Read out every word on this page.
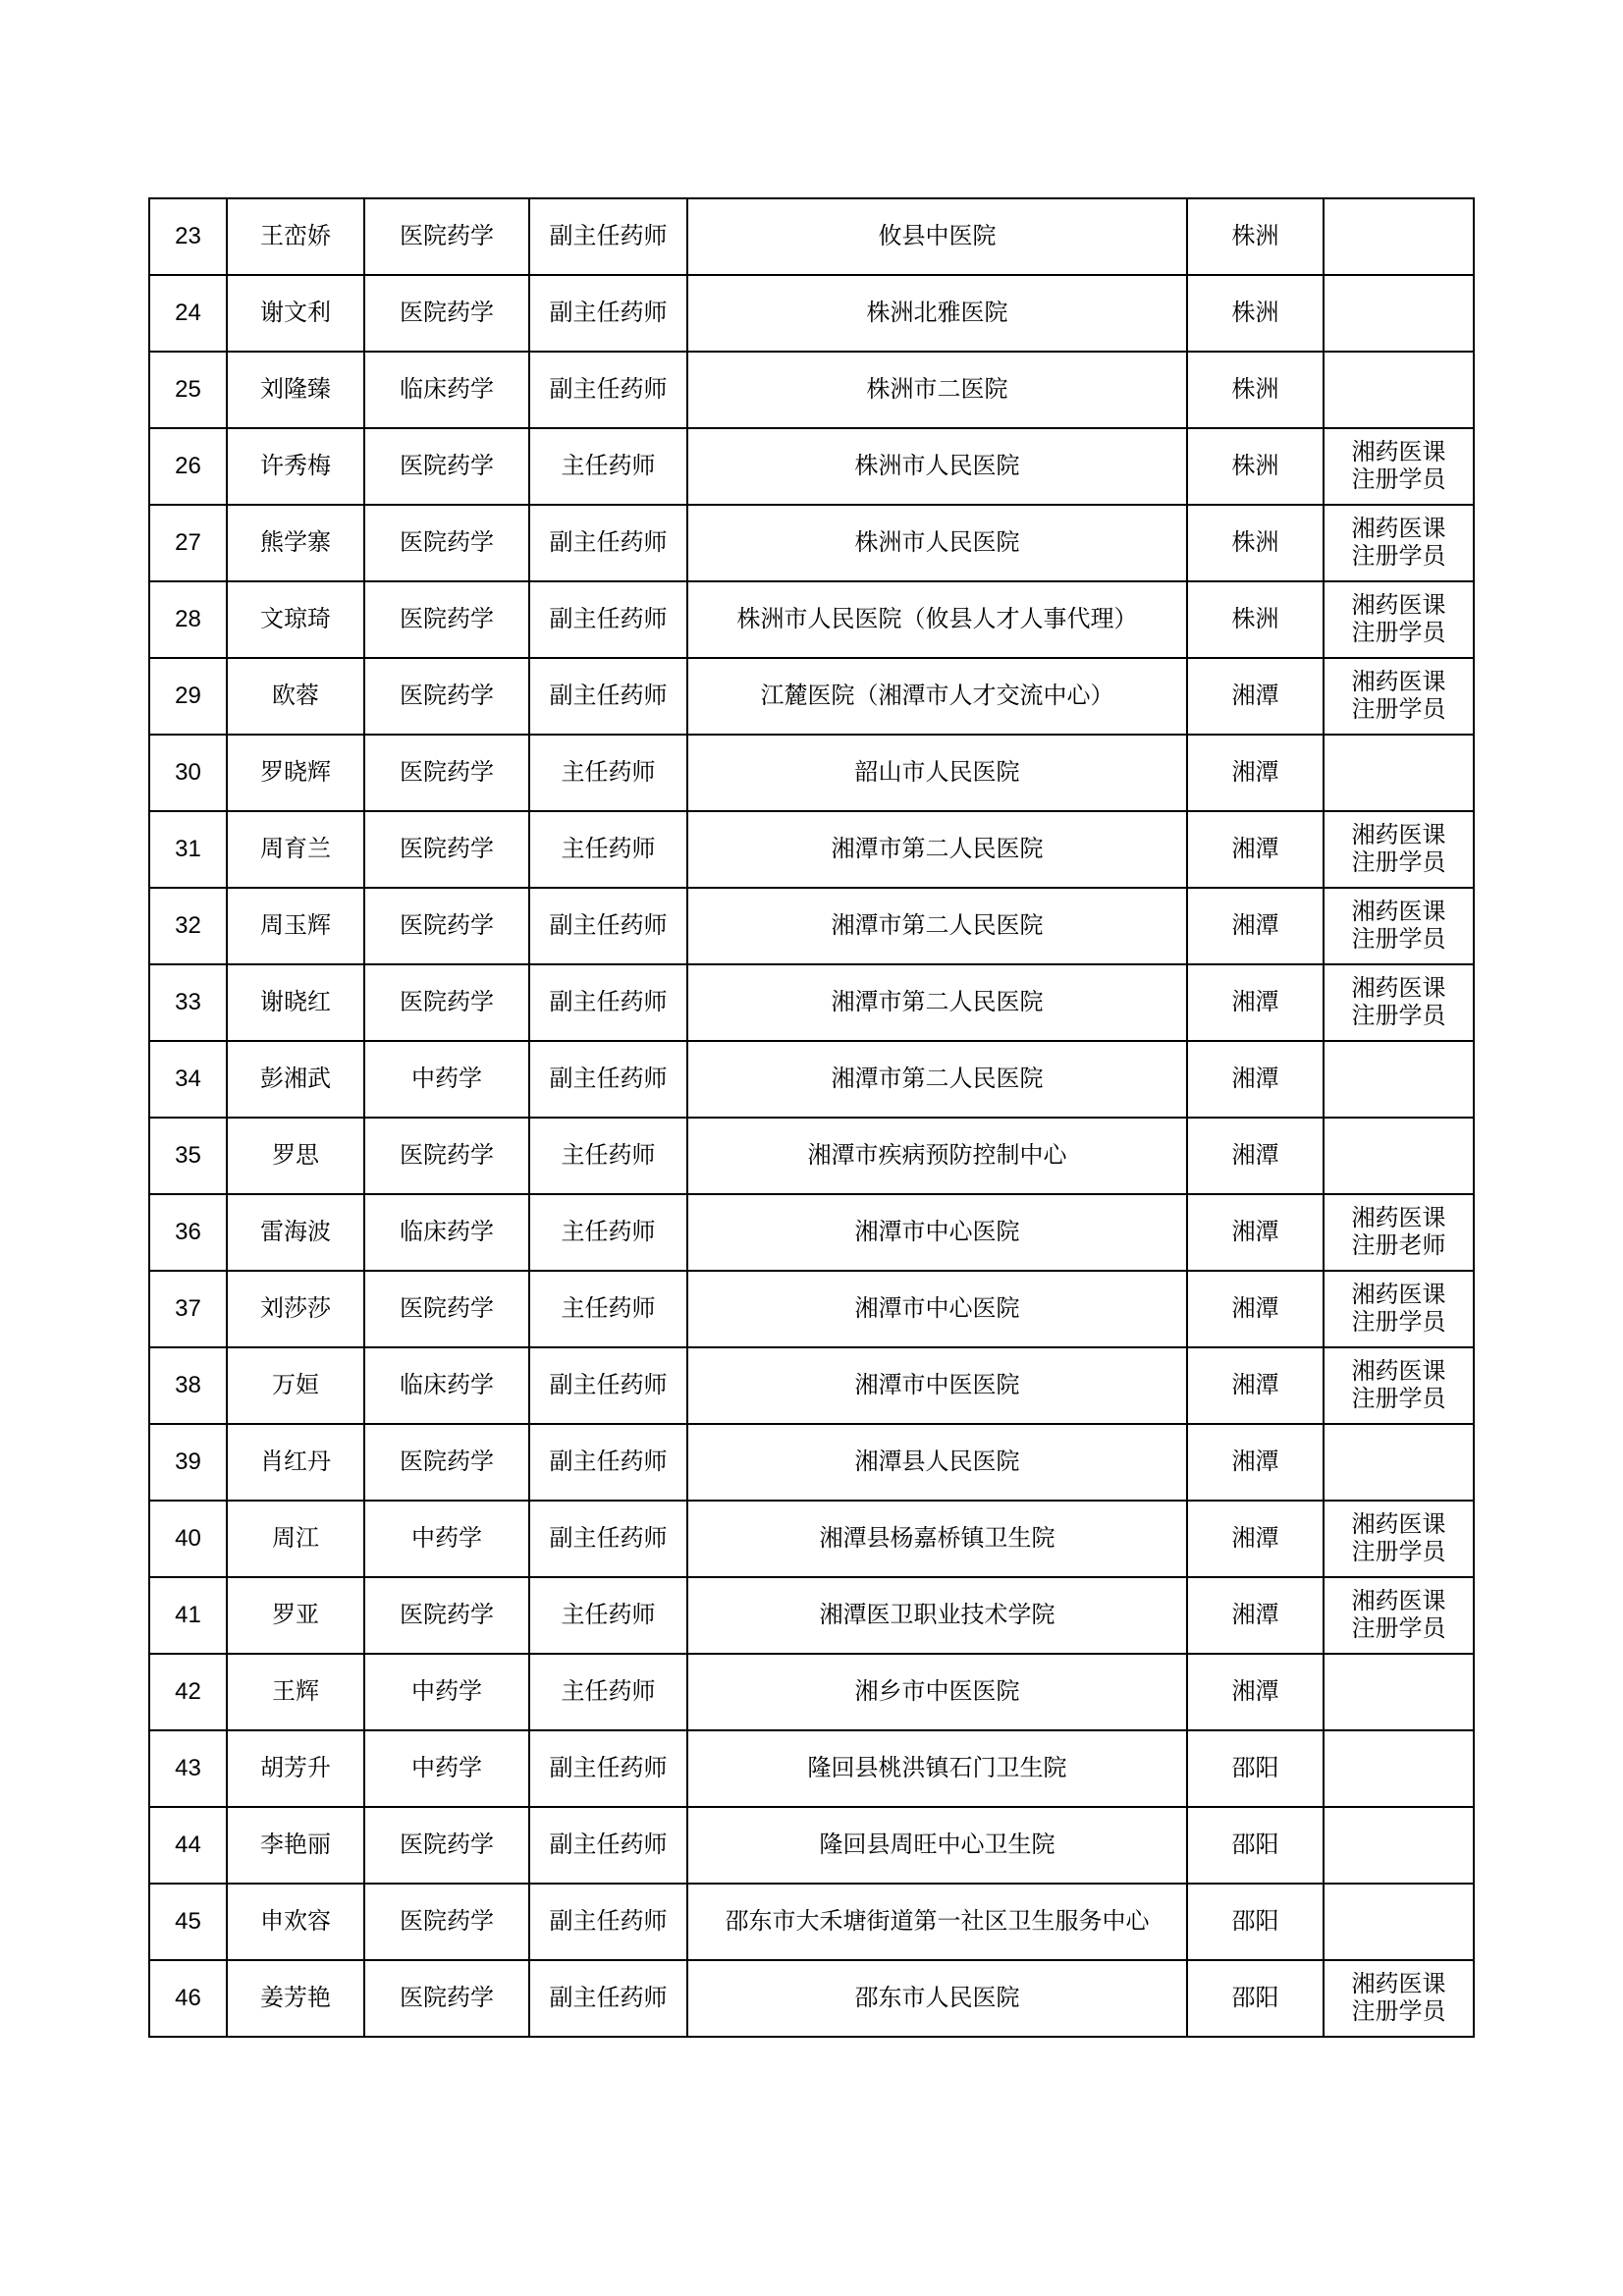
23	王峦娇	医院药学	副主任药师	攸县中医院	株洲	
24	谢文利	医院药学	副主任药师	株洲北雅医院	株洲	
25	刘隆臻	临床药学	副主任药师	株洲市二医院	株洲	
26	许秀梅	医院药学	主任药师	株洲市人民医院	株洲	湘药医课
注册学员

27	熊学寨	医院药学	副主任药师	株洲市人民医院	株洲	湘药医课
注册学员

28	文琼琦	医院药学	副主任药师	株洲市人民医院（攸县人才人事代理）	株洲	湘药医课
注册学员

29	欧蓉	医院药学	副主任药师	江麓医院（湘潭市人才交流中心）	湘潭	湘药医课
注册学员

30	罗晓辉	医院药学	主任药师	韶山市人民医院	湘潭	
31	周育兰	医院药学	主任药师	湘潭市第二人民医院	湘潭	湘药医课
注册学员

32	周玉辉	医院药学	副主任药师	湘潭市第二人民医院	湘潭	湘药医课
注册学员

33	谢晓红	医院药学	副主任药师	湘潭市第二人民医院	湘潭	湘药医课
注册学员

34	彭湘武	中药学	副主任药师	湘潭市第二人民医院	湘潭	
35	罗思	医院药学	主任药师	湘潭市疾病预防控制中心	湘潭	
36	雷海波	临床药学	主任药师	湘潭市中心医院	湘潭	湘药医课
注册老师

37	刘莎莎	医院药学	主任药师	湘潭市中心医院	湘潭	湘药医课
注册学员

38	万姮	临床药学	副主任药师	湘潭市中医医院	湘潭	湘药医课
注册学员

39	肖红丹	医院药学	副主任药师	湘潭县人民医院	湘潭	
40	周江	中药学	副主任药师	湘潭县杨嘉桥镇卫生院	湘潭	湘药医课
注册学员

41	罗亚	医院药学	主任药师	湘潭医卫职业技术学院	湘潭	湘药医课
注册学员

42	王辉	中药学	主任药师	湘乡市中医医院	湘潭	
43	胡芳升	中药学	副主任药师	隆回县桃洪镇石门卫生院	邵阳	
44	李艳丽	医院药学	副主任药师	隆回县周旺中心卫生院	邵阳	
45	申欢容	医院药学	副主任药师	邵东市大禾塘街道第一社区卫生服务中心	邵阳	
46	姜芳艳	医院药学	副主任药师	邵东市人民医院	邵阳	湘药医课
注册学员
